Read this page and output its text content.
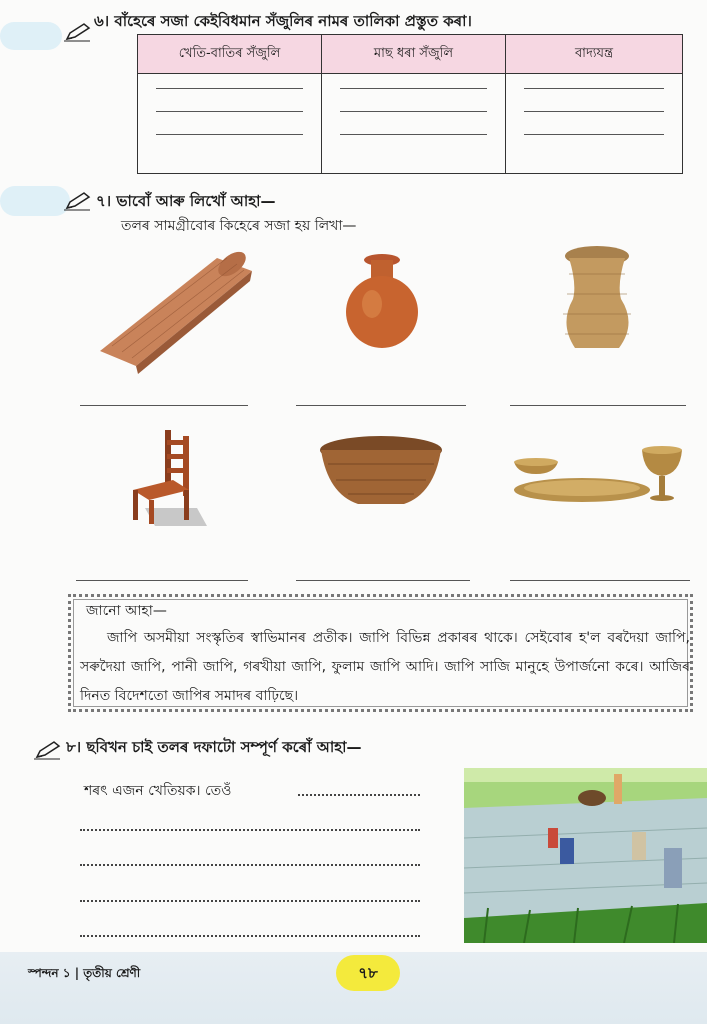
৬। বাঁহেৰে সজা কেইবিধমান সঁজুলিৰ নামৰ তালিকা প্ৰস্তুত কৰা।
খেতি-বাতিৰ সঁজুলি	মাছ ধৰা সঁজুলি	বাদ্যযন্ত্ৰ

৭। ভাবোঁ আৰু লিখোঁ আহা—
তলৰ সামগ্ৰীবোৰ কিহেৰে সজা হয় লিখা—
জানো আহা—
জাপি অসমীয়া সংস্কৃতিৰ স্বাভিমানৰ প্ৰতীক। জাপি বিভিন্ন প্ৰকাৰৰ থাকে। সেইবোৰ হ'ল বৰদৈয়া জাপি, সৰুদৈয়া জাপি, পানী জাপি, গৰখীয়া জাপি, ফুলাম জাপি আদি। জাপি সাজি মানুহে উপাৰ্জনো কৰে। আজিৰ দিনত বিদেশতো জাপিৰ সমাদৰ বাঢ়িছে।
৮। ছবিখন চাই তলৰ দফাটো সম্পূৰ্ণ কৰোঁ আহা—
শৰৎ এজন খেতিয়ক। তেওঁ
স্পন্দন ১ | তৃতীয় শ্ৰেণী	৭৮
